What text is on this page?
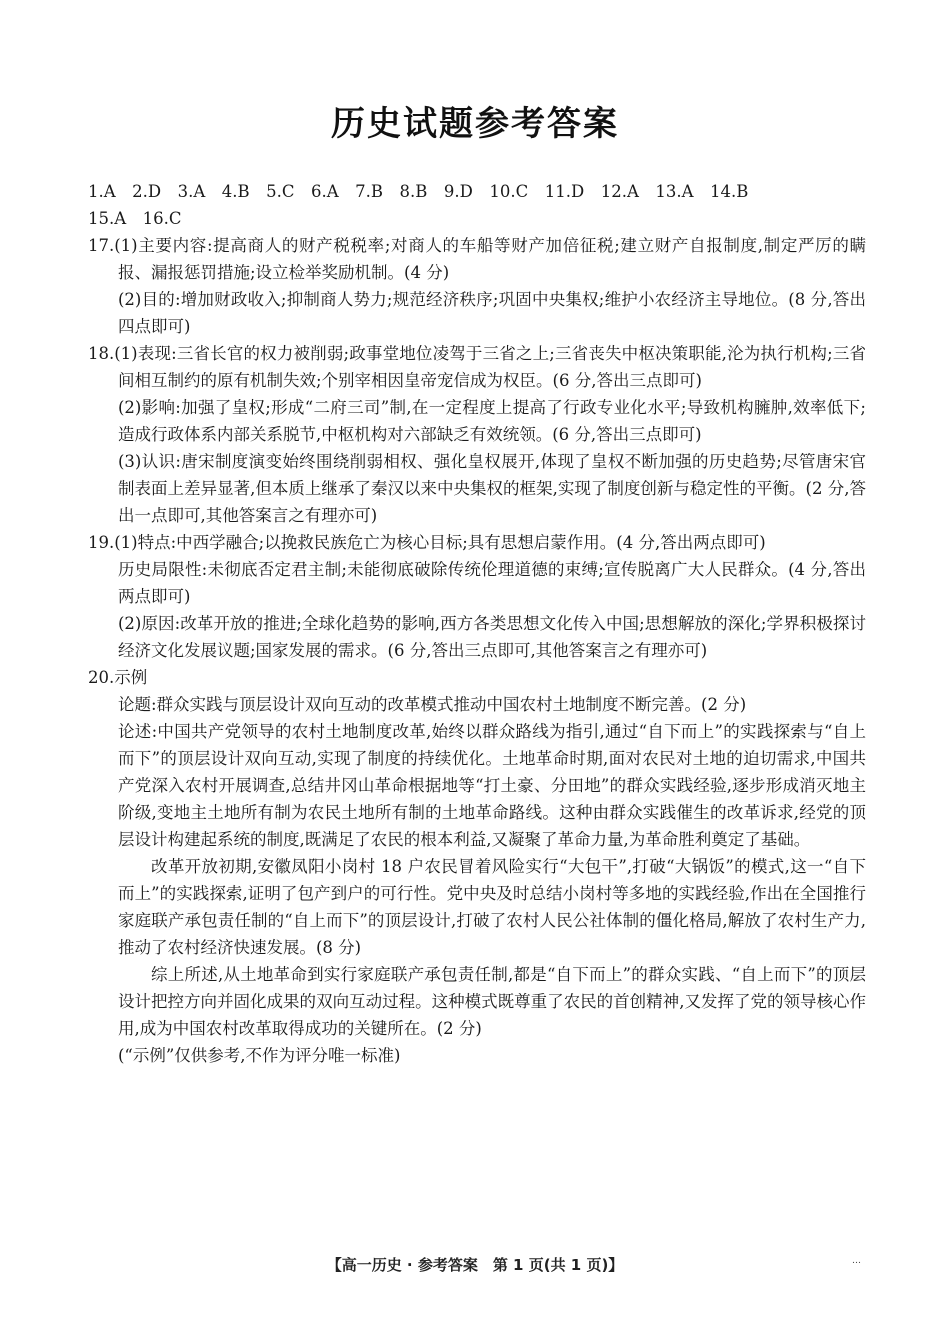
历史试题参考答案

1.A　2.D　3.A　4.B　5.C　6.A　7.B　8.B　9.D　10.C　11.D　12.A　13.A　14.B

15.A　16.C

17.(1)主要内容:提高商人的财产税税率;对商人的车船等财产加倍征税;建立财产自报制度,制定严厉的瞒报、漏报惩罚措施;设立检举奖励机制。(4 分)

(2)目的:增加财政收入;抑制商人势力;规范经济秩序;巩固中央集权;维护小农经济主导地位。(8 分,答出四点即可)

18.(1)表现:三省长官的权力被削弱;政事堂地位凌驾于三省之上;三省丧失中枢决策职能,沦为执行机构;三省间相互制约的原有机制失效;个别宰相因皇帝宠信成为权臣。(6 分,答出三点即可)

(2)影响:加强了皇权;形成“二府三司”制,在一定程度上提高了行政专业化水平;导致机构臃肿,效率低下;造成行政体系内部关系脱节,中枢机构对六部缺乏有效统领。(6 分,答出三点即可)

(3)认识:唐宋制度演变始终围绕削弱相权、强化皇权展开,体现了皇权不断加强的历史趋势;尽管唐宋官制表面上差异显著,但本质上继承了秦汉以来中央集权的框架,实现了制度创新与稳定性的平衡。(2 分,答出一点即可,其他答案言之有理亦可)

19.(1)特点:中西学融合;以挽救民族危亡为核心目标;具有思想启蒙作用。(4 分,答出两点即可)

历史局限性:未彻底否定君主制;未能彻底破除传统伦理道德的束缚;宣传脱离广大人民群众。(4 分,答出两点即可)

(2)原因:改革开放的推进;全球化趋势的影响,西方各类思想文化传入中国;思想解放的深化;学界积极探讨经济文化发展议题;国家发展的需求。(6 分,答出三点即可,其他答案言之有理亦可)

20.示例

论题:群众实践与顶层设计双向互动的改革模式推动中国农村土地制度不断完善。(2 分)

论述:中国共产党领导的农村土地制度改革,始终以群众路线为指引,通过“自下而上”的实践探索与“自上而下”的顶层设计双向互动,实现了制度的持续优化。土地革命时期,面对农民对土地的迫切需求,中国共产党深入农村开展调查,总结井冈山革命根据地等“打土豪、分田地”的群众实践经验,逐步形成消灭地主阶级,变地主土地所有制为农民土地所有制的土地革命路线。这种由群众实践催生的改革诉求,经党的顶层设计构建起系统的制度,既满足了农民的根本利益,又凝聚了革命力量,为革命胜利奠定了基础。

改革开放初期,安徽凤阳小岗村 18 户农民冒着风险实行“大包干”,打破“大锅饭”的模式,这一“自下而上”的实践探索,证明了包产到户的可行性。党中央及时总结小岗村等多地的实践经验,作出在全国推行家庭联产承包责任制的“自上而下”的顶层设计,打破了农村人民公社体制的僵化格局,解放了农村生产力,推动了农村经济快速发展。(8 分)

综上所述,从土地革命到实行家庭联产承包责任制,都是“自下而上”的群众实践、“自上而下”的顶层设计把控方向并固化成果的双向互动过程。这种模式既尊重了农民的首创精神,又发挥了党的领导核心作用,成为中国农村改革取得成功的关键所在。(2 分)

(“示例”仅供参考,不作为评分唯一标准)

【高一历史 · 参考答案　第 1 页(共 1 页)】	…
